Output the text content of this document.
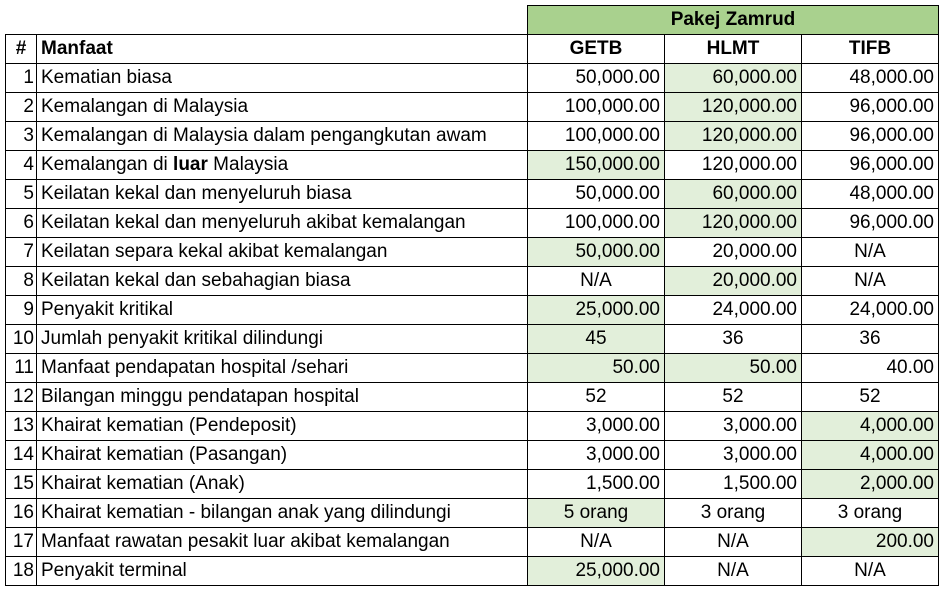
		Pakej Zamrud		
#	Manfaat	GETB	HLMT	TIFB
1	Kematian biasa	50,000.00	60,000.00	48,000.00
2	Kemalangan di Malaysia	100,000.00	120,000.00	96,000.00
3	Kemalangan di Malaysia dalam pengangkutan awam	100,000.00	120,000.00	96,000.00
4	Kemalangan di luar Malaysia	150,000.00	120,000.00	96,000.00
5	Keilatan kekal dan menyeluruh biasa	50,000.00	60,000.00	48,000.00
6	Keilatan kekal dan menyeluruh akibat kemalangan	100,000.00	120,000.00	96,000.00
7	Keilatan separa kekal akibat kemalangan	50,000.00	20,000.00	N/A
8	Keilatan kekal dan sebahagian biasa	N/A	20,000.00	N/A
9	Penyakit kritikal	25,000.00	24,000.00	24,000.00
10	Jumlah penyakit kritikal dilindungi	45	36	36
11	Manfaat pendapatan hospital /sehari	50.00	50.00	40.00
12	Bilangan minggu pendatapan hospital	52	52	52
13	Khairat kematian (Pendeposit)	3,000.00	3,000.00	4,000.00
14	Khairat kematian (Pasangan)	3,000.00	3,000.00	4,000.00
15	Khairat kematian (Anak)	1,500.00	1,500.00	2,000.00
16	Khairat kematian - bilangan anak yang dilindungi	5 orang	3 orang	3 orang
17	Manfaat rawatan pesakit luar akibat kemalangan	N/A	N/A	200.00
18	Penyakit terminal	25,000.00	N/A	N/A
